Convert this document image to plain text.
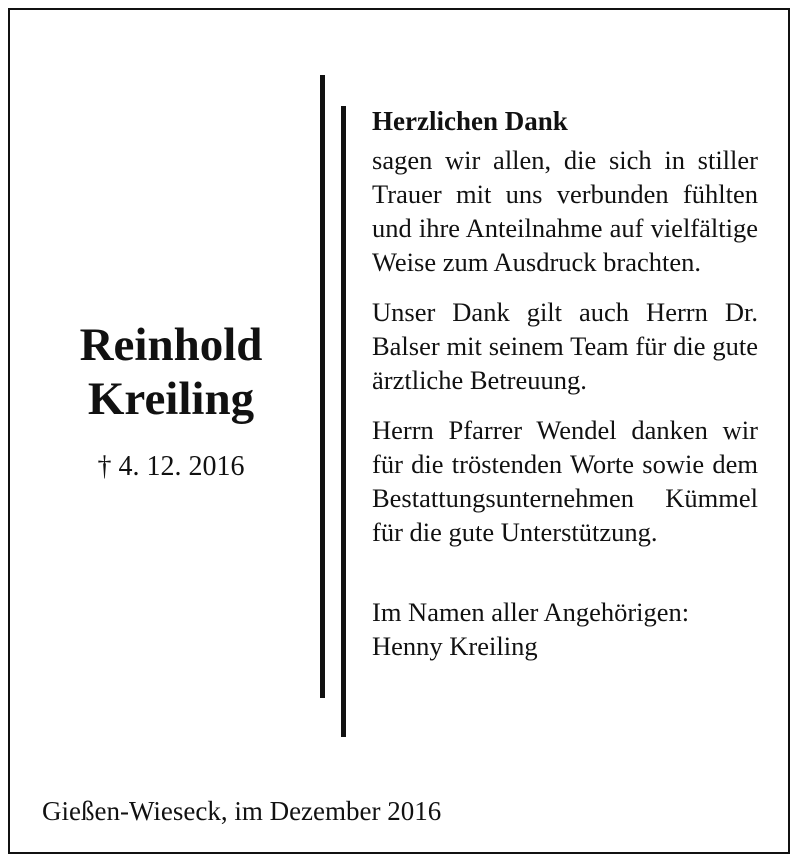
Reinhold
Kreiling
† 4. 12. 2016
Herzlichen Dank

sagen wir allen, die sich in stiller Trauer mit uns verbunden fühlten und ihre Anteilnahme auf vielfältige Weise zum Ausdruck brachten.

Unser Dank gilt auch Herrn Dr. Balser mit seinem Team für die gute ärztliche Betreuung.

Herrn Pfarrer Wendel danken wir für die tröstenden Worte sowie dem Bestattungsunternehmen Kümmel für die gute Unterstützung.

Im Namen aller Angehörigen:

Henny Kreiling

Gießen-Wieseck, im Dezember 2016
